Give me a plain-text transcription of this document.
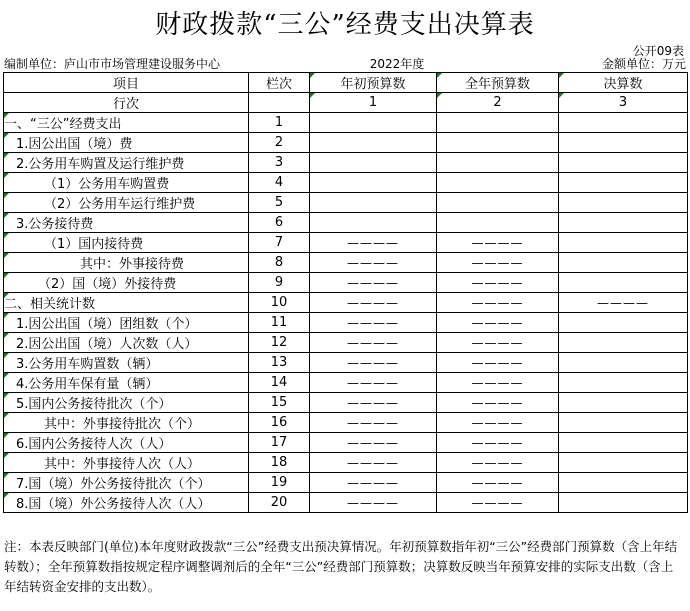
财政拨款“三公”经费支出决算表
公开09表
编制单位：庐山市市场管理建设服务中心	2022年度	金额单位：万元
项目	栏次	年初预算数	全年预算数	决算数
行次		1	2	3
一、“三公”经费支出	1			
1.因公出国（境）费	2			
2.公务用车购置及运行维护费	3			
（1）公务用车购置费	4			
（2）公务用车运行维护费	5			
3.公务接待费	6			
（1）国内接待费	7	————	————	
其中：外事接待费	8	————	————	
（2）国（境）外接待费	9	————	————	
二、相关统计数	10	————	————	————
1.因公出国（境）团组数（个）	11	————	————	
2.因公出国（境）人次数（人）	12	————	————	
3.公务用车购置数（辆）	13	————	————	
4.公务用车保有量（辆）	14	————	————	
5.国内公务接待批次（个）	15	————	————	
其中：外事接待批次（个）	16	————	————	
6.国内公务接待人次（人）	17	————	————	
其中：外事接待人次（人）	18	————	————	
7.国（境）外公务接待批次（个）	19	————	————	
8.国（境）外公务接待人次（人）	20	————	————	
注：本表反映部门(单位)本年度财政拨款“三公”经费支出预决算情况。年初预算数指年初“三公”经费部门预算数（含上年结转数）；全年预算数指按规定程序调整调剂后的全年“三公”经费部门预算数；决算数反映当年预算安排的实际支出数（含上年结转资金安排的支出数）。
